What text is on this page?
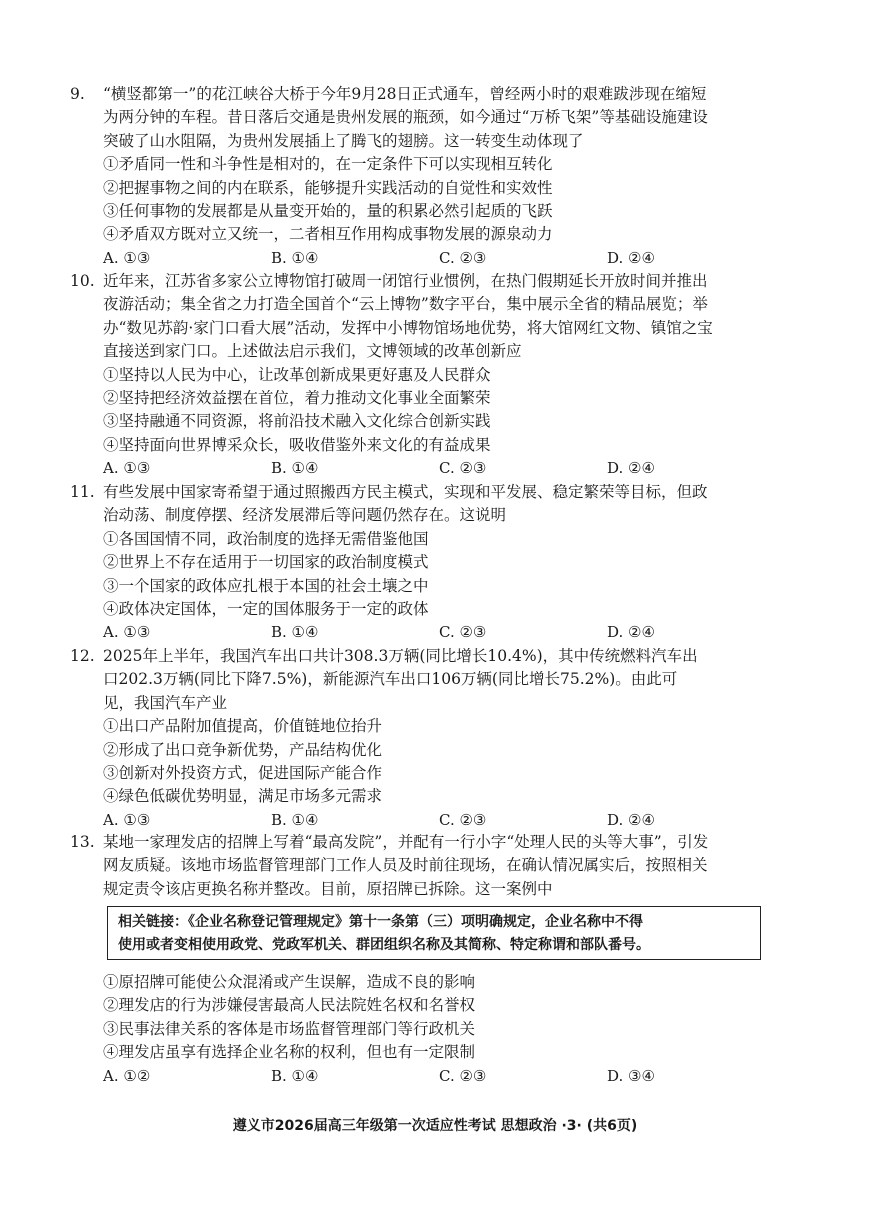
9.	“横竖都第一”的花江峡谷大桥于今年9月28日正式通车，曾经两小时的艰难跋涉现在缩短
为两分钟的车程。昔日落后交通是贵州发展的瓶颈，如今通过“万桥飞架”等基础设施建设
突破了山水阻隔，为贵州发展插上了腾飞的翅膀。这一转变生动体现了
①矛盾同一性和斗争性是相对的，在一定条件下可以实现相互转化
②把握事物之间的内在联系，能够提升实践活动的自觉性和实效性
③任何事物的发展都是从量变开始的，量的积累必然引起质的飞跃
④矛盾双方既对立又统一，二者相互作用构成事物发展的源泉动力
A. ①③	B. ①④	C. ②③	D. ②④
10. 近年来，江苏省多家公立博物馆打破周一闭馆行业惯例，在热门假期延长开放时间并推出
夜游活动；集全省之力打造全国首个“云上博物”数字平台，集中展示全省的精品展览；举
办“数见苏韵·家门口看大展”活动，发挥中小博物馆场地优势，将大馆网红文物、镇馆之宝
直接送到家门口。上述做法启示我们，文博领域的改革创新应
①坚持以人民为中心，让改革创新成果更好惠及人民群众
②坚持把经济效益摆在首位，着力推动文化事业全面繁荣
③坚持融通不同资源，将前沿技术融入文化综合创新实践
④坚持面向世界博采众长，吸收借鉴外来文化的有益成果
A. ①③	B. ①④	C. ②③	D. ②④
11. 有些发展中国家寄希望于通过照搬西方民主模式，实现和平发展、稳定繁荣等目标，但政
治动荡、制度停摆、经济发展滞后等问题仍然存在。这说明
①各国国情不同，政治制度的选择无需借鉴他国
②世界上不存在适用于一切国家的政治制度模式
③一个国家的政体应扎根于本国的社会土壤之中
④政体决定国体，一定的国体服务于一定的政体
A. ①③	B. ①④	C. ②③	D. ②④
12. 2025年上半年，我国汽车出口共计308.3万辆(同比增长10.4%)，其中传统燃料汽车出
口202.3万辆(同比下降7.5%)，新能源汽车出口106万辆(同比增长75.2%)。由此可
见，我国汽车产业
①出口产品附加值提高，价值链地位抬升
②形成了出口竞争新优势，产品结构优化
③创新对外投资方式，促进国际产能合作
④绿色低碳优势明显，满足市场多元需求
A. ①③	B. ①④	C. ②③	D. ②④
13. 某地一家理发店的招牌上写着“最高发院”，并配有一行小字“处理人民的头等大事”，引发
网友质疑。该地市场监督管理部门工作人员及时前往现场，在确认情况属实后，按照相关
规定责令该店更换名称并整改。目前，原招牌已拆除。这一案例中
相关链接：《企业名称登记管理规定》第十一条第（三）项明确规定，企业名称中不得
使用或者变相使用政党、党政军机关、群团组织名称及其简称、特定称谓和部队番号。
①原招牌可能使公众混淆或产生误解，造成不良的影响
②理发店的行为涉嫌侵害最高人民法院姓名权和名誉权
③民事法律关系的客体是市场监督管理部门等行政机关
④理发店虽享有选择企业名称的权利，但也有一定限制
A. ①②	B. ①④	C. ②③	D. ③④
遵义市2026届高三年级第一次适应性考试 思想政治 ·3· (共6页)
